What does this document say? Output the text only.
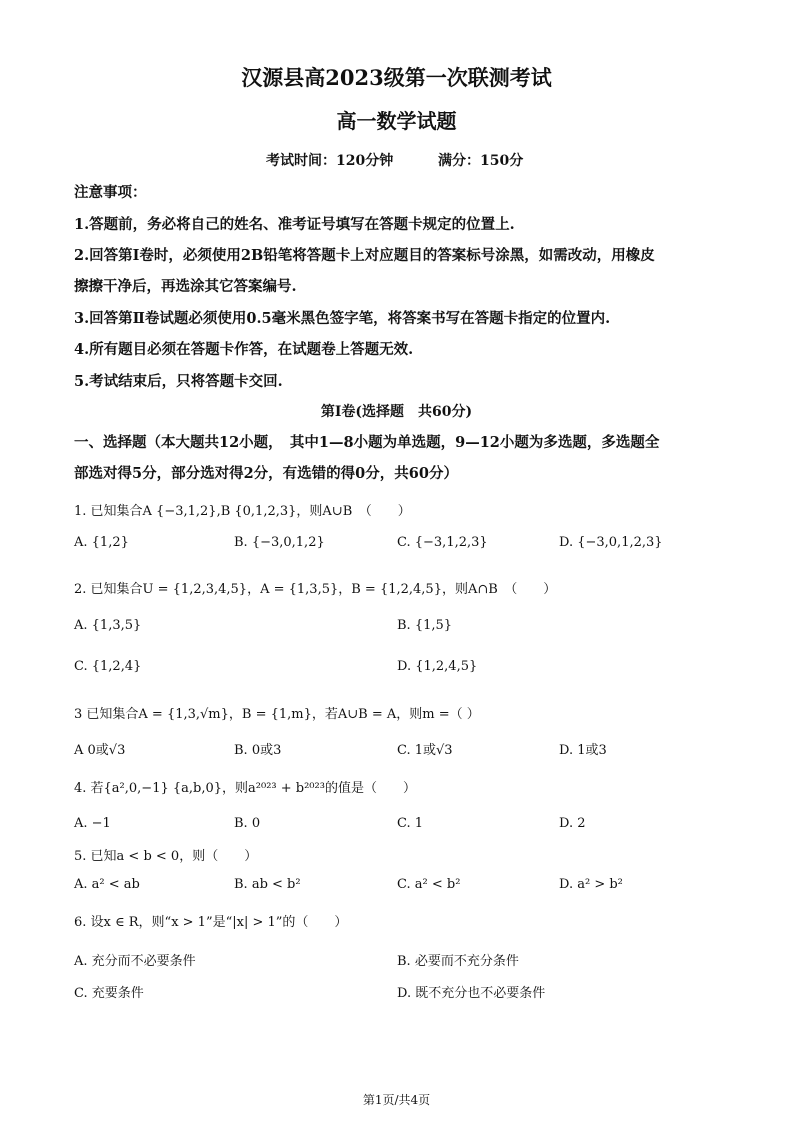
汉源县高2023级第一次联测考试
高一数学试题
考试时间：120分钟	满分：150分
注意事项：
1.答题前，务必将自己的姓名、准考证号填写在答题卡规定的位置上.
2.回答第Ⅰ卷时，必须使用2B铅笔将答题卡上对应题目的答案标号涂黑，如需改动，用橡皮
擦擦干净后，再选涂其它答案编号.
3.回答第Ⅱ卷试题必须使用0.5毫米黑色签字笔，将答案书写在答题卡指定的位置内.
4.所有题目必须在答题卡作答，在试题卷上答题无效.
5.考试结束后，只将答题卡交回.
第Ⅰ卷(选择题　共60分)
一、选择题（本大题共12小题，　其中1—8小题为单选题，9—12小题为多选题，多选题全
部选对得5分，部分选对得2分，有选错的得0分，共60分）
1. 已知集合A {−3,1,2},B {0,1,2,3}，则A∪B　（　　）
A. {1,2}	B. {−3,0,1,2}	C. {−3,1,2,3}	D. {−3,0,1,2,3}
2. 已知集合U = {1,2,3,4,5}，A = {1,3,5}，B = {1,2,4,5}，则A∩B　（　　）
A. {1,3,5}	B. {1,5}
C. {1,2,4}	D. {1,2,4,5}
3 已知集合A = {1,3,√m}，B = {1,m}，若A∪B = A，则m =（ ）
A 0或√3	B. 0或3	C. 1或√3	D. 1或3
4. 若{a²,0,−1} {a,b,0}，则a²⁰²³ + b²⁰²³的值是（　　）
A. −1	B. 0	C. 1	D. 2
5. 已知a < b < 0，则（　　）
A. a² < ab	B. ab < b²	C. a² < b²	D. a² > b²
6. 设x ∈ R，则“x > 1”是“|x| > 1”的（　　）
A. 充分而不必要条件	B. 必要而不充分条件
C. 充要条件	D. 既不充分也不必要条件
第1页/共4页
